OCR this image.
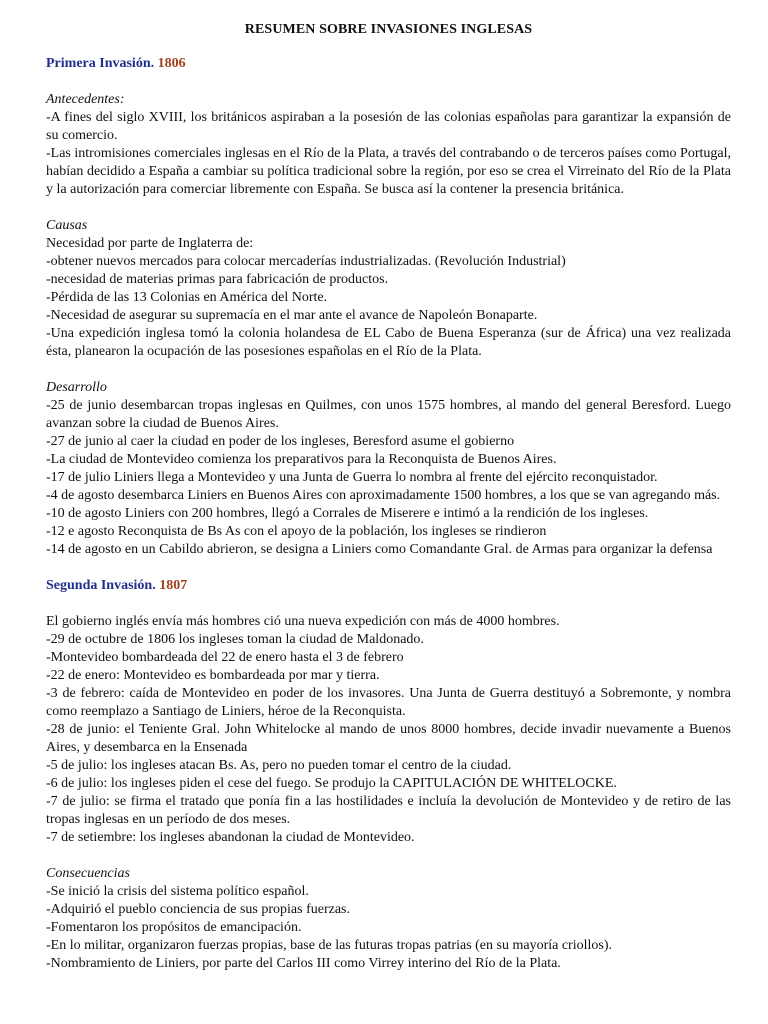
RESUMEN SOBRE INVASIONES INGLESAS
Primera Invasión. 1806
Antecedentes:
-A fines del siglo XVIII, los británicos aspiraban a la posesión de las colonias españolas para garantizar la expansión de su comercio.
-Las intromisiones comerciales inglesas en el Río de la Plata, a través del contrabando o de terceros países como Portugal, habían decidido a España a cambiar su política tradicional sobre la región, por eso se crea el Virreinato del Río de la Plata y la autorización para comerciar libremente con España. Se busca así la contener la presencia británica.
Causas
Necesidad por parte de Inglaterra de:
-obtener nuevos mercados para colocar mercaderías industrializadas. (Revolución Industrial)
-necesidad de materias primas para fabricación de productos.
-Pérdida de las 13 Colonias en América del Norte.
-Necesidad de asegurar su supremacía en el mar ante el avance de Napoleón Bonaparte.
-Una expedición inglesa tomó la colonia holandesa de EL Cabo de Buena Esperanza (sur de África) una vez realizada ésta, planearon la ocupación de las posesiones españolas en el Río de la Plata.
Desarrollo
-25 de junio desembarcan tropas inglesas en Quilmes, con unos 1575 hombres, al mando del general Beresford. Luego avanzan sobre la ciudad de Buenos Aires.
-27 de junio al caer la ciudad en poder de los ingleses, Beresford asume el gobierno
-La ciudad de Montevideo comienza los preparativos para la Reconquista de Buenos Aires.
-17 de julio Liniers llega a Montevideo y una Junta de Guerra lo nombra al frente del ejército reconquistador.
-4 de agosto desembarca Liniers en Buenos Aires con aproximadamente 1500 hombres, a los que se van agregando más.
-10 de agosto Liniers con 200 hombres, llegó a Corrales de Miserere e intimó a la rendición de los ingleses.
-12 e agosto Reconquista de Bs As con el apoyo de la población, los ingleses se rindieron
-14 de agosto en un Cabildo abrieron, se designa a Liniers como Comandante Gral. de Armas para organizar la defensa
Segunda Invasión. 1807
El gobierno inglés envía más hombres ció una nueva expedición con más de 4000 hombres.
-29 de octubre de 1806 los ingleses toman la ciudad de Maldonado.
-Montevideo bombardeada del 22 de enero hasta el 3 de febrero
-22 de enero: Montevideo es bombardeada por mar y tierra.
-3 de febrero: caída de Montevideo en poder de los invasores. Una Junta de Guerra destituyó a Sobremonte, y nombra como reemplazo a Santiago de Liniers, héroe de la Reconquista.
-28 de junio: el Teniente Gral. John Whitelocke al mando de unos 8000 hombres, decide invadir nuevamente a Buenos Aires, y desembarca en la Ensenada
-5 de julio: los ingleses atacan Bs. As, pero no pueden tomar el centro de la ciudad.
-6 de julio: los ingleses piden el cese del fuego. Se produjo la CAPITULACIÓN DE WHITELOCKE.
-7 de julio: se firma el tratado que ponía fin a las hostilidades e incluía la devolución de Montevideo y de retiro de las tropas inglesas en un período de dos meses.
-7 de setiembre: los ingleses abandonan la ciudad de Montevideo.
Consecuencias
-Se inició la crisis del sistema político español.
-Adquirió el pueblo conciencia de sus propias fuerzas.
-Fomentaron los propósitos de emancipación.
-En lo militar, organizaron fuerzas propias, base de las futuras tropas patrias (en su mayoría criollos).
-Nombramiento de Liniers, por parte del Carlos III como Virrey interino del Río de la Plata.
